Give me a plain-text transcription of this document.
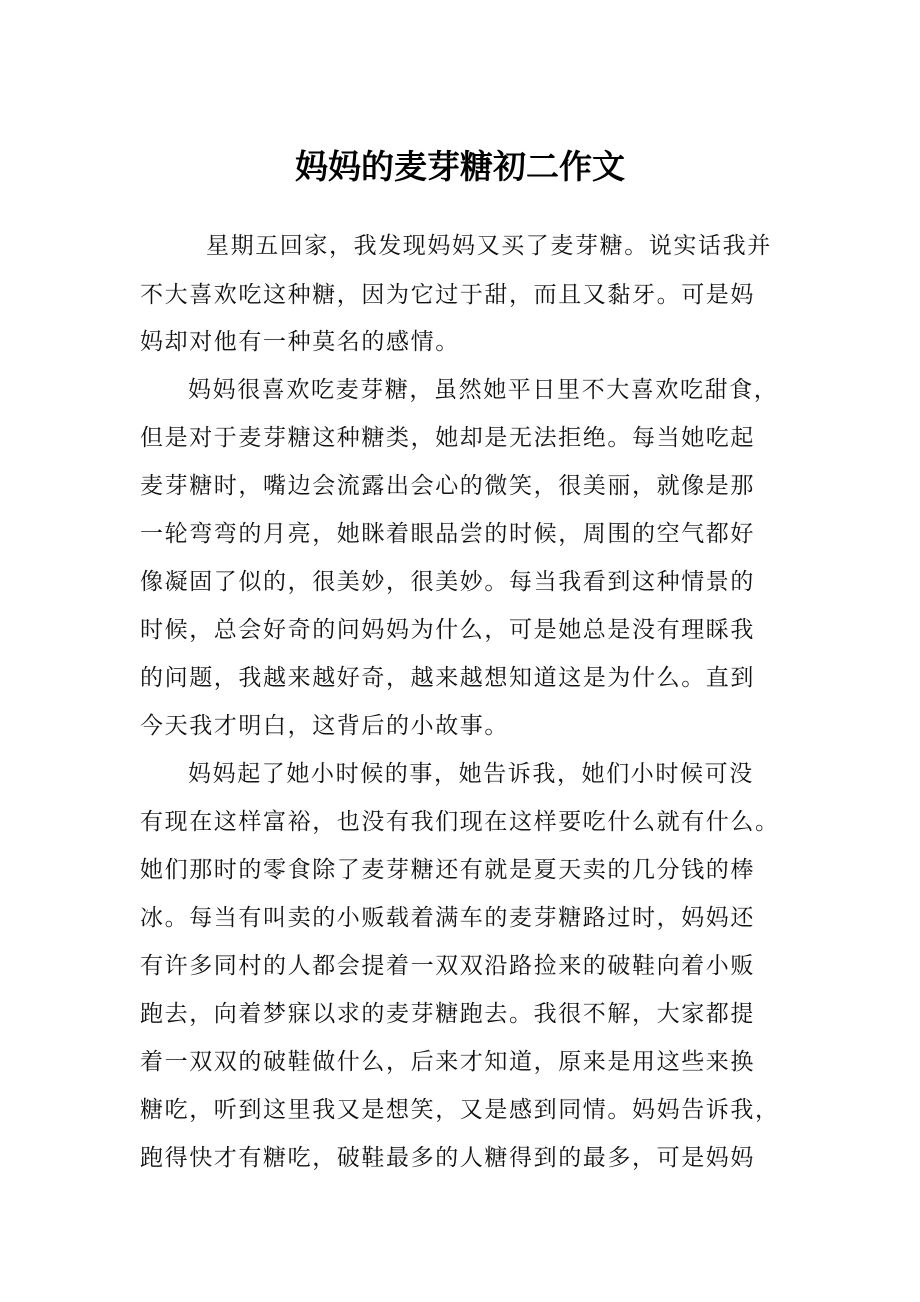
妈妈的麦芽糖初二作文
星期五回家，我发现妈妈又买了麦芽糖。说实话我并
不大喜欢吃这种糖，因为它过于甜，而且又黏牙。可是妈
妈却对他有一种莫名的感情。
妈妈很喜欢吃麦芽糖，虽然她平日里不大喜欢吃甜食，
但是对于麦芽糖这种糖类，她却是无法拒绝。每当她吃起
麦芽糖时，嘴边会流露出会心的微笑，很美丽，就像是那
一轮弯弯的月亮，她眯着眼品尝的时候，周围的空气都好
像凝固了似的，很美妙，很美妙。每当我看到这种情景的
时候，总会好奇的问妈妈为什么，可是她总是没有理睬我
的问题，我越来越好奇，越来越想知道这是为什么。直到
今天我才明白，这背后的小故事。
妈妈起了她小时候的事，她告诉我，她们小时候可没
有现在这样富裕，也没有我们现在这样要吃什么就有什么。
她们那时的零食除了麦芽糖还有就是夏天卖的几分钱的棒
冰。每当有叫卖的小贩载着满车的麦芽糖路过时，妈妈还
有许多同村的人都会提着一双双沿路捡来的破鞋向着小贩
跑去，向着梦寐以求的麦芽糖跑去。我很不解，大家都提
着一双双的破鞋做什么，后来才知道，原来是用这些来换
糖吃，听到这里我又是想笑，又是感到同情。妈妈告诉我，
跑得快才有糖吃，破鞋最多的人糖得到的最多，可是妈妈
